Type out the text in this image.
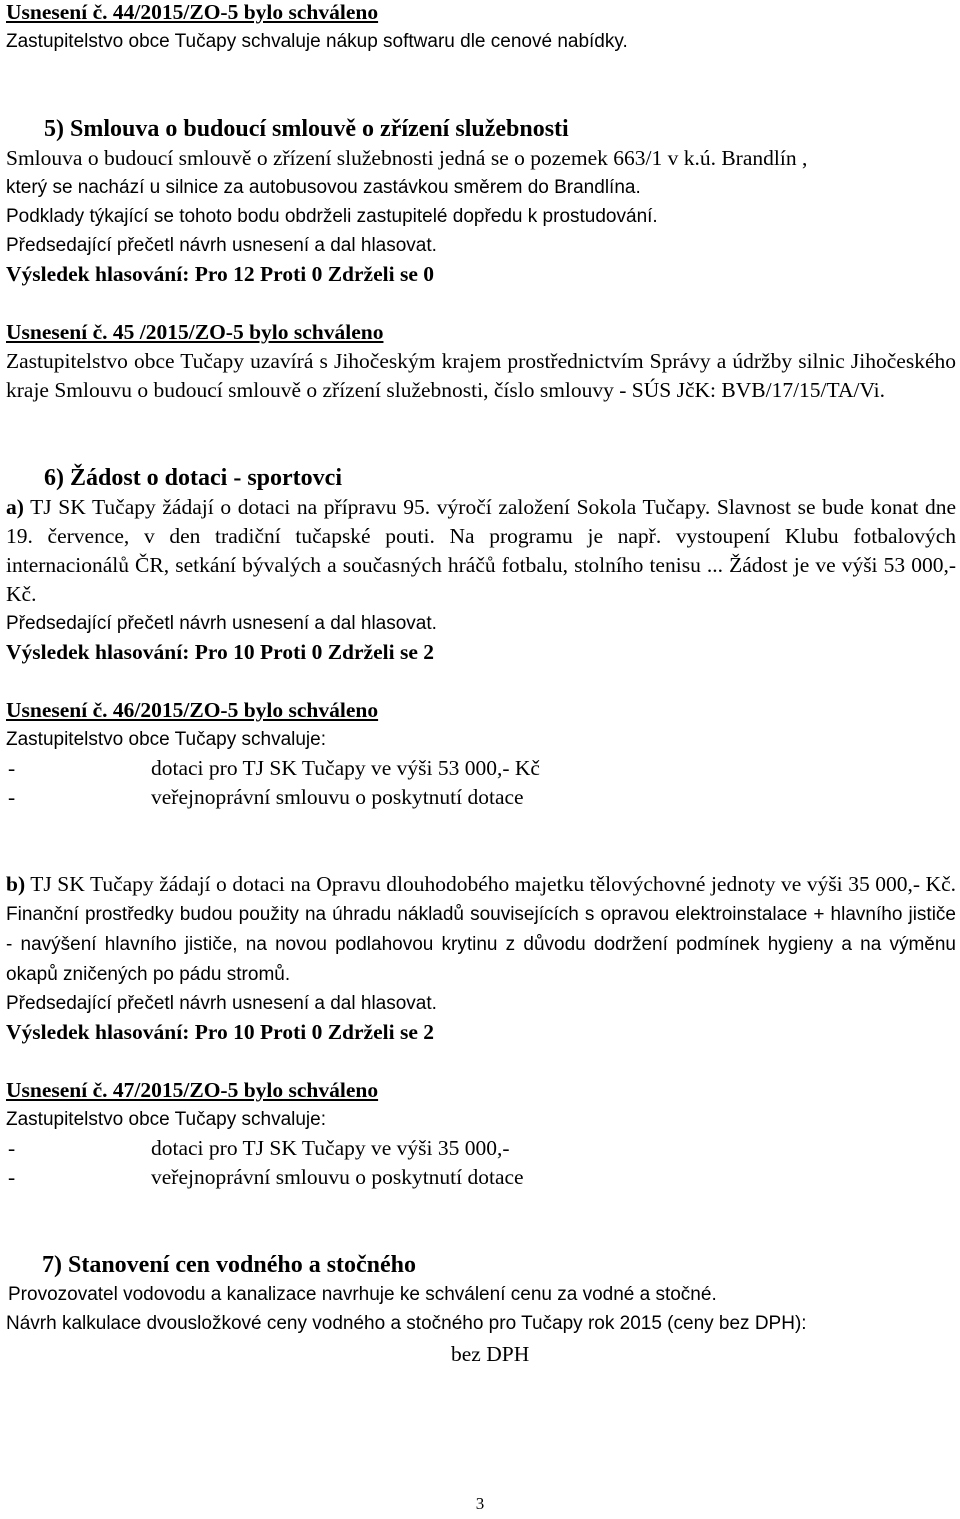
Usnesení č. 44/2015/ZO-5 bylo schváleno

Zastupitelstvo obce Tučapy schvaluje nákup softwaru dle cenové nabídky.

5) Smlouva o budoucí smlouvě o zřízení služebnosti

Smlouva o budoucí smlouvě o zřízení služebnosti jedná se o pozemek 663/1 v k.ú. Brandlín ,

který se nachází u silnice za autobusovou zastávkou směrem do Brandlína.

Podklady týkající se tohoto bodu obdrželi zastupitelé dopředu k prostudování.

Předsedající přečetl návrh usnesení a dal hlasovat.

Výsledek hlasování: Pro 12 Proti 0 Zdrželi se 0

Usnesení č. 45 /2015/ZO-5 bylo schváleno

Zastupitelstvo obce Tučapy uzavírá s Jihočeským krajem prostřednictvím Správy a údržby silnic Jihočeského kraje Smlouvu o budoucí smlouvě o zřízení služebnosti, číslo smlouvy - SÚS JčK: BVB/17/15/TA/Vi.

6) Žádost o dotaci - sportovci

a) TJ SK Tučapy žádají o dotaci na přípravu 95. výročí založení Sokola Tučapy. Slavnost se bude konat dne 19. července, v den tradiční tučapské pouti. Na programu je např. vystoupení Klubu fotbalových internacionálů ČR, setkání bývalých a současných hráčů fotbalu, stolního tenisu ... Žádost je ve výši 53 000,- Kč.

Předsedající přečetl návrh usnesení a dal hlasovat.

Výsledek hlasování: Pro 10 Proti 0 Zdrželi se 2

Usnesení č. 46/2015/ZO-5 bylo schváleno

Zastupitelstvo obce Tučapy schvaluje:

-	dotaci pro TJ SK Tučapy ve výši 53 000,- Kč
-	veřejnoprávní smlouvu o poskytnutí dotace

b) TJ SK Tučapy žádají o dotaci na Opravu dlouhodobého majetku tělovýchovné jednoty ve výši 35 000,- Kč. Finanční prostředky budou použity na úhradu nákladů souvisejících s opravou elektroinstalace + hlavního jističe - navýšení hlavního jističe, na novou podlahovou krytinu z důvodu dodržení podmínek hygieny a na výměnu okapů zničených po pádu stromů.

Předsedající přečetl návrh usnesení a dal hlasovat.

Výsledek hlasování: Pro 10 Proti 0 Zdrželi se 2

Usnesení č. 47/2015/ZO-5 bylo schváleno

Zastupitelstvo obce Tučapy schvaluje:

-	dotaci pro TJ SK Tučapy ve výši 35 000,-
-	veřejnoprávní smlouvu o poskytnutí dotace

7) Stanovení cen vodného a stočného

Provozovatel vodovodu a kanalizace navrhuje ke schválení cenu za vodné a stočné.

Návrh kalkulace dvousložkové ceny vodného a stočného pro Tučapy rok 2015 (ceny bez DPH):

bez DPH

3
